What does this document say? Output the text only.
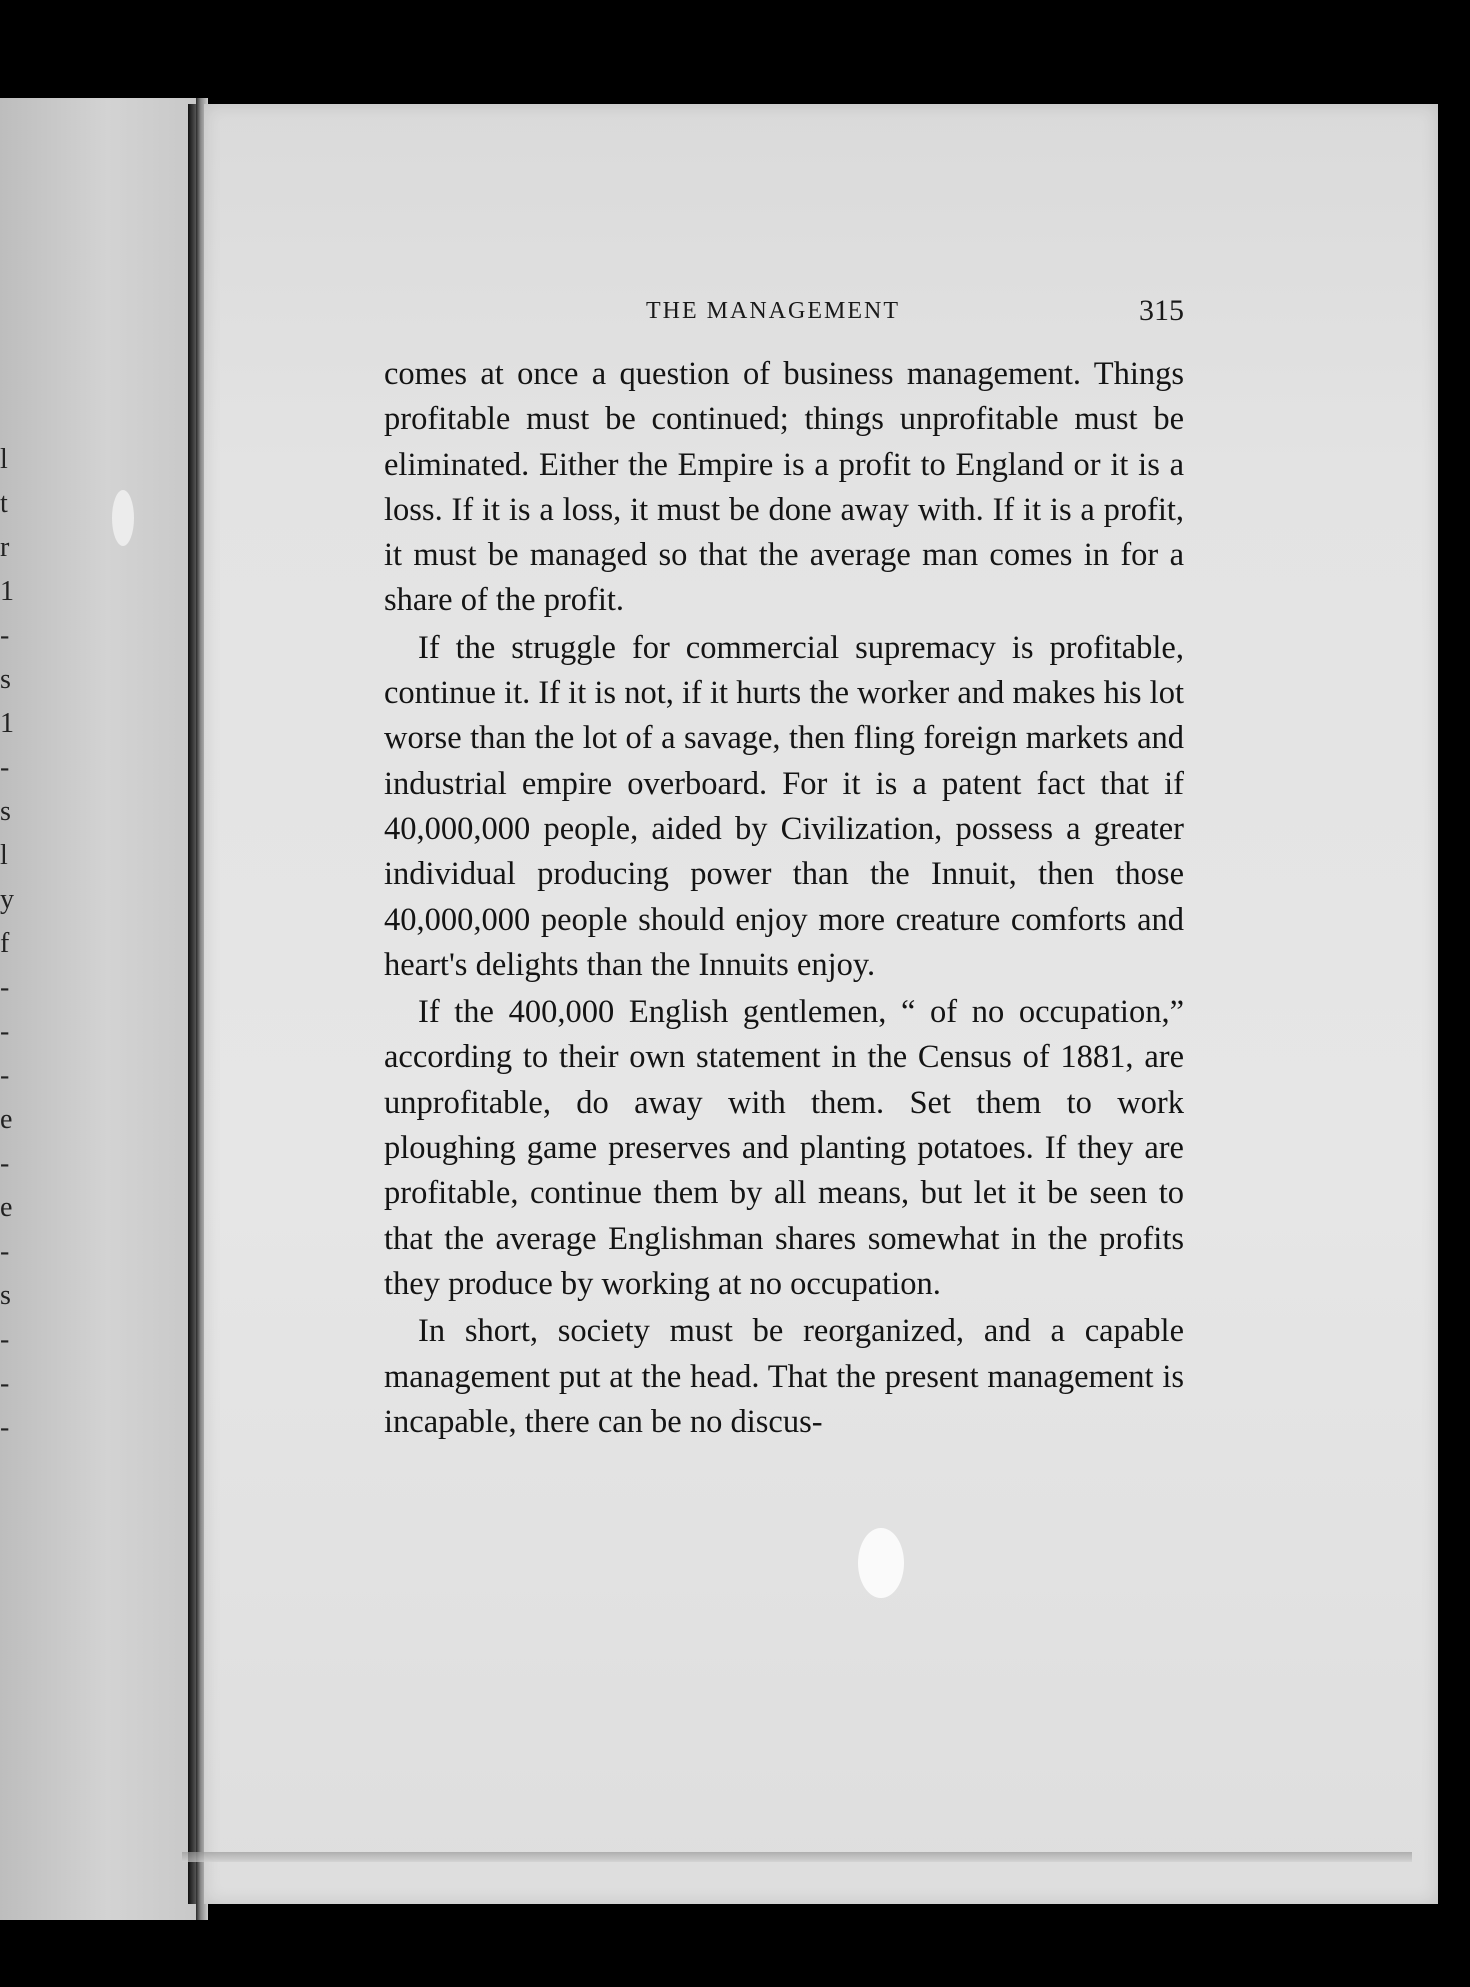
l
t
r
1
-
s
1
-
s
l
y
f
-
-
-
e
-
e
-
s
-
-
-
THE MANAGEMENT	315

comes at once a question of business management. Things profitable must be continued; things unprofitable must be eliminated. Either the Empire is a profit to England or it is a loss. If it is a loss, it must be done away with. If it is a profit, it must be managed so that the average man comes in for a share of the profit.

If the struggle for commercial supremacy is profitable, continue it. If it is not, if it hurts the worker and makes his lot worse than the lot of a savage, then fling foreign markets and industrial empire overboard. For it is a patent fact that if 40,000,000 people, aided by Civilization, possess a greater individual producing power than the Innuit, then those 40,000,000 people should enjoy more creature comforts and heart's delights than the Innuits enjoy.

If the 400,000 English gentlemen, “ of no occupation,” according to their own statement in the Census of 1881, are unprofitable, do away with them. Set them to work ploughing game preserves and planting potatoes. If they are profitable, continue them by all means, but let it be seen to that the average Englishman shares somewhat in the profits they produce by working at no occupation.

In short, society must be reorganized, and a capable management put at the head. That the present management is incapable, there can be no discus-
